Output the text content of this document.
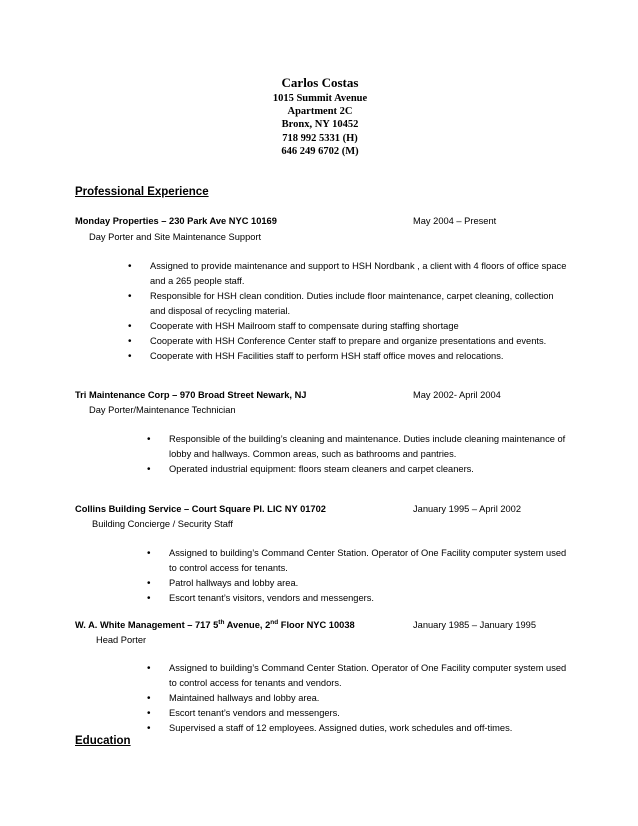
Carlos Costas
1015 Summit Avenue
Apartment 2C
Bronx, NY 10452
718 992 5331 (H)
646 249 6702 (M)
Professional Experience
Monday Properties – 230 Park Ave NYC 10169	May 2004 – Present
Day Porter and Site Maintenance Support
• Assigned to provide maintenance and support to HSH Nordbank , a client with 4 floors of office space and a 265 people staff.
• Responsible for HSH clean condition. Duties include floor maintenance, carpet cleaning, collection and disposal of recycling material.
• Cooperate with HSH Mailroom staff to compensate during staffing shortage
• Cooperate with HSH Conference Center staff to prepare and organize presentations and events.
• Cooperate with HSH Facilities staff to perform HSH staff office moves and relocations.
Tri Maintenance Corp – 970 Broad Street Newark, NJ	May 2002- April 2004
Day Porter/Maintenance Technician
• Responsible of the building’s cleaning and maintenance. Duties include cleaning maintenance of lobby and hallways. Common areas, such as bathrooms and pantries.
• Operated industrial equipment: floors steam cleaners and carpet cleaners.
Collins Building Service – Court Square Pl. LIC NY 01702	January 1995 – April 2002
Building Concierge / Security Staff
• Assigned to building’s Command Center Station. Operator of One Facility computer system used to control access for tenants.
• Patrol hallways and lobby area.
• Escort tenant’s visitors, vendors and messengers.
W. A. White Management – 717 5th Avenue, 2nd Floor NYC 10038	January 1985 – January 1995
Head Porter
• Assigned to building’s Command Center Station. Operator of One Facility computer system used to control access for tenants and vendors.
• Maintained hallways and lobby area.
• Escort tenant’s vendors and messengers.
• Supervised a staff of 12 employees. Assigned duties, work schedules and off-times.
Education
